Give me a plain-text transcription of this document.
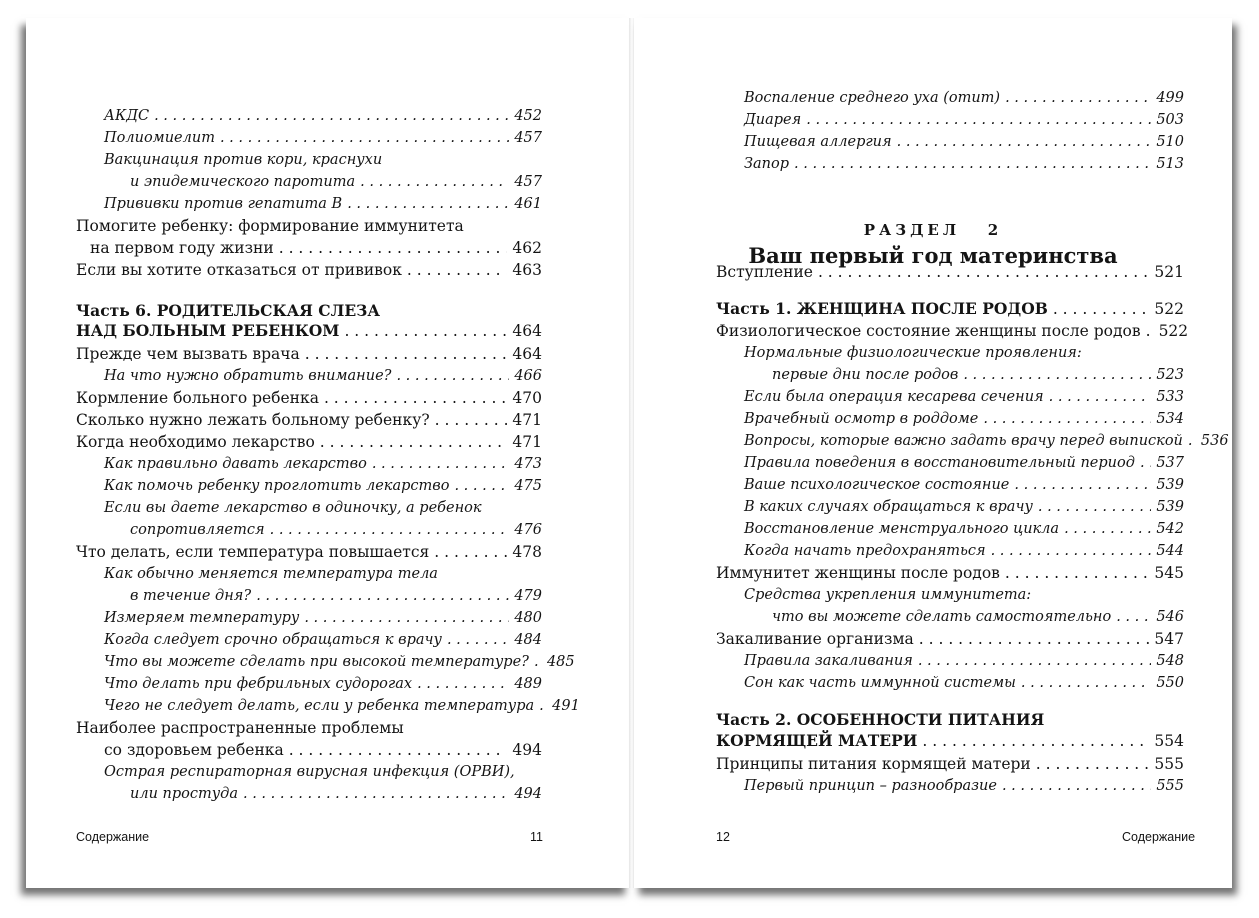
АКДС . . .	452
Полиомиелит . . .	457
Вакцинация против кори, краснухи
и эпидемического паротита . . .	457
Прививки против гепатита В . . .	461
Помогите ребенку: формирование иммунитета
на первом году жизни . . .	462
Если вы хотите отказаться от прививок . . .	463
Часть 6. РОДИТЕЛЬСКАЯ СЛЕЗА
НАД БОЛЬНЫМ РЕБЕНКОМ . . .	464
Прежде чем вызвать врача . . .	464
На что нужно обратить внимание? . . .	466
Кормление больного ребенка . . .	470
Сколько нужно лежать больному ребенку? . . .	471
Когда необходимо лекарство . . .	471
Как правильно давать лекарство . . .	473
Как помочь ребенку проглотить лекарство . . .	475
Если вы даете лекарство в одиночку, а ребенок
сопротивляется . . .	476
Что делать, если температура повышается . . .	478
Как обычно меняется температура тела
в течение дня? . . .	479
Измеряем температуру . . .	480
Когда следует срочно обращаться к врачу . . .	484
Что вы можете сделать при высокой температуре? . . . 485
Что делать при фебрильных судорогах . . .	489
Чего не следует делать, если у ребенка температура . . . 491
Наиболее распространенные проблемы
со здоровьем ребенка . . .	494
Острая респираторная вирусная инфекция (ОРВИ),
или простуда . . .	494
Содержание	11
Воспаление среднего уха (отит) . . .	499
Диарея . . .	503
Пищевая аллергия . . .	510
Запор . . .	513
РАЗДЕЛ   2
Ваш первый год материнства
Вступление . . .	521
Часть 1. ЖЕНЩИНА ПОСЛЕ РОДОВ . . .	522
Физиологическое состояние женщины после родов . . . 522
Нормальные физиологические проявления:
первые дни после родов . . .	523
Если была операция кесарева сечения . . .	533
Врачебный осмотр в роддоме . . .	534
Вопросы, которые важно задать врачу перед выпиской . . . 536
Правила поведения в восстановительный период . . . 537
Ваше психологическое состояние . . .	539
В каких случаях обращаться к врачу . . .	539
Восстановление менструального цикла . . .	542
Когда начать предохраняться . . .	544
Иммунитет женщины после родов . . .	545
Средства укрепления иммунитета:
что вы можете сделать самостоятельно . . .	546
Закаливание организма . . .	547
Правила закаливания . . .	548
Сон как часть иммунной системы . . .	550
Часть 2. ОСОБЕННОСТИ ПИТАНИЯ
КОРМЯЩЕЙ МАТЕРИ . . .	554
Принципы питания кормящей матери . . .	555
Первый принцип – разнообразие . . .	555
12	Содержание
